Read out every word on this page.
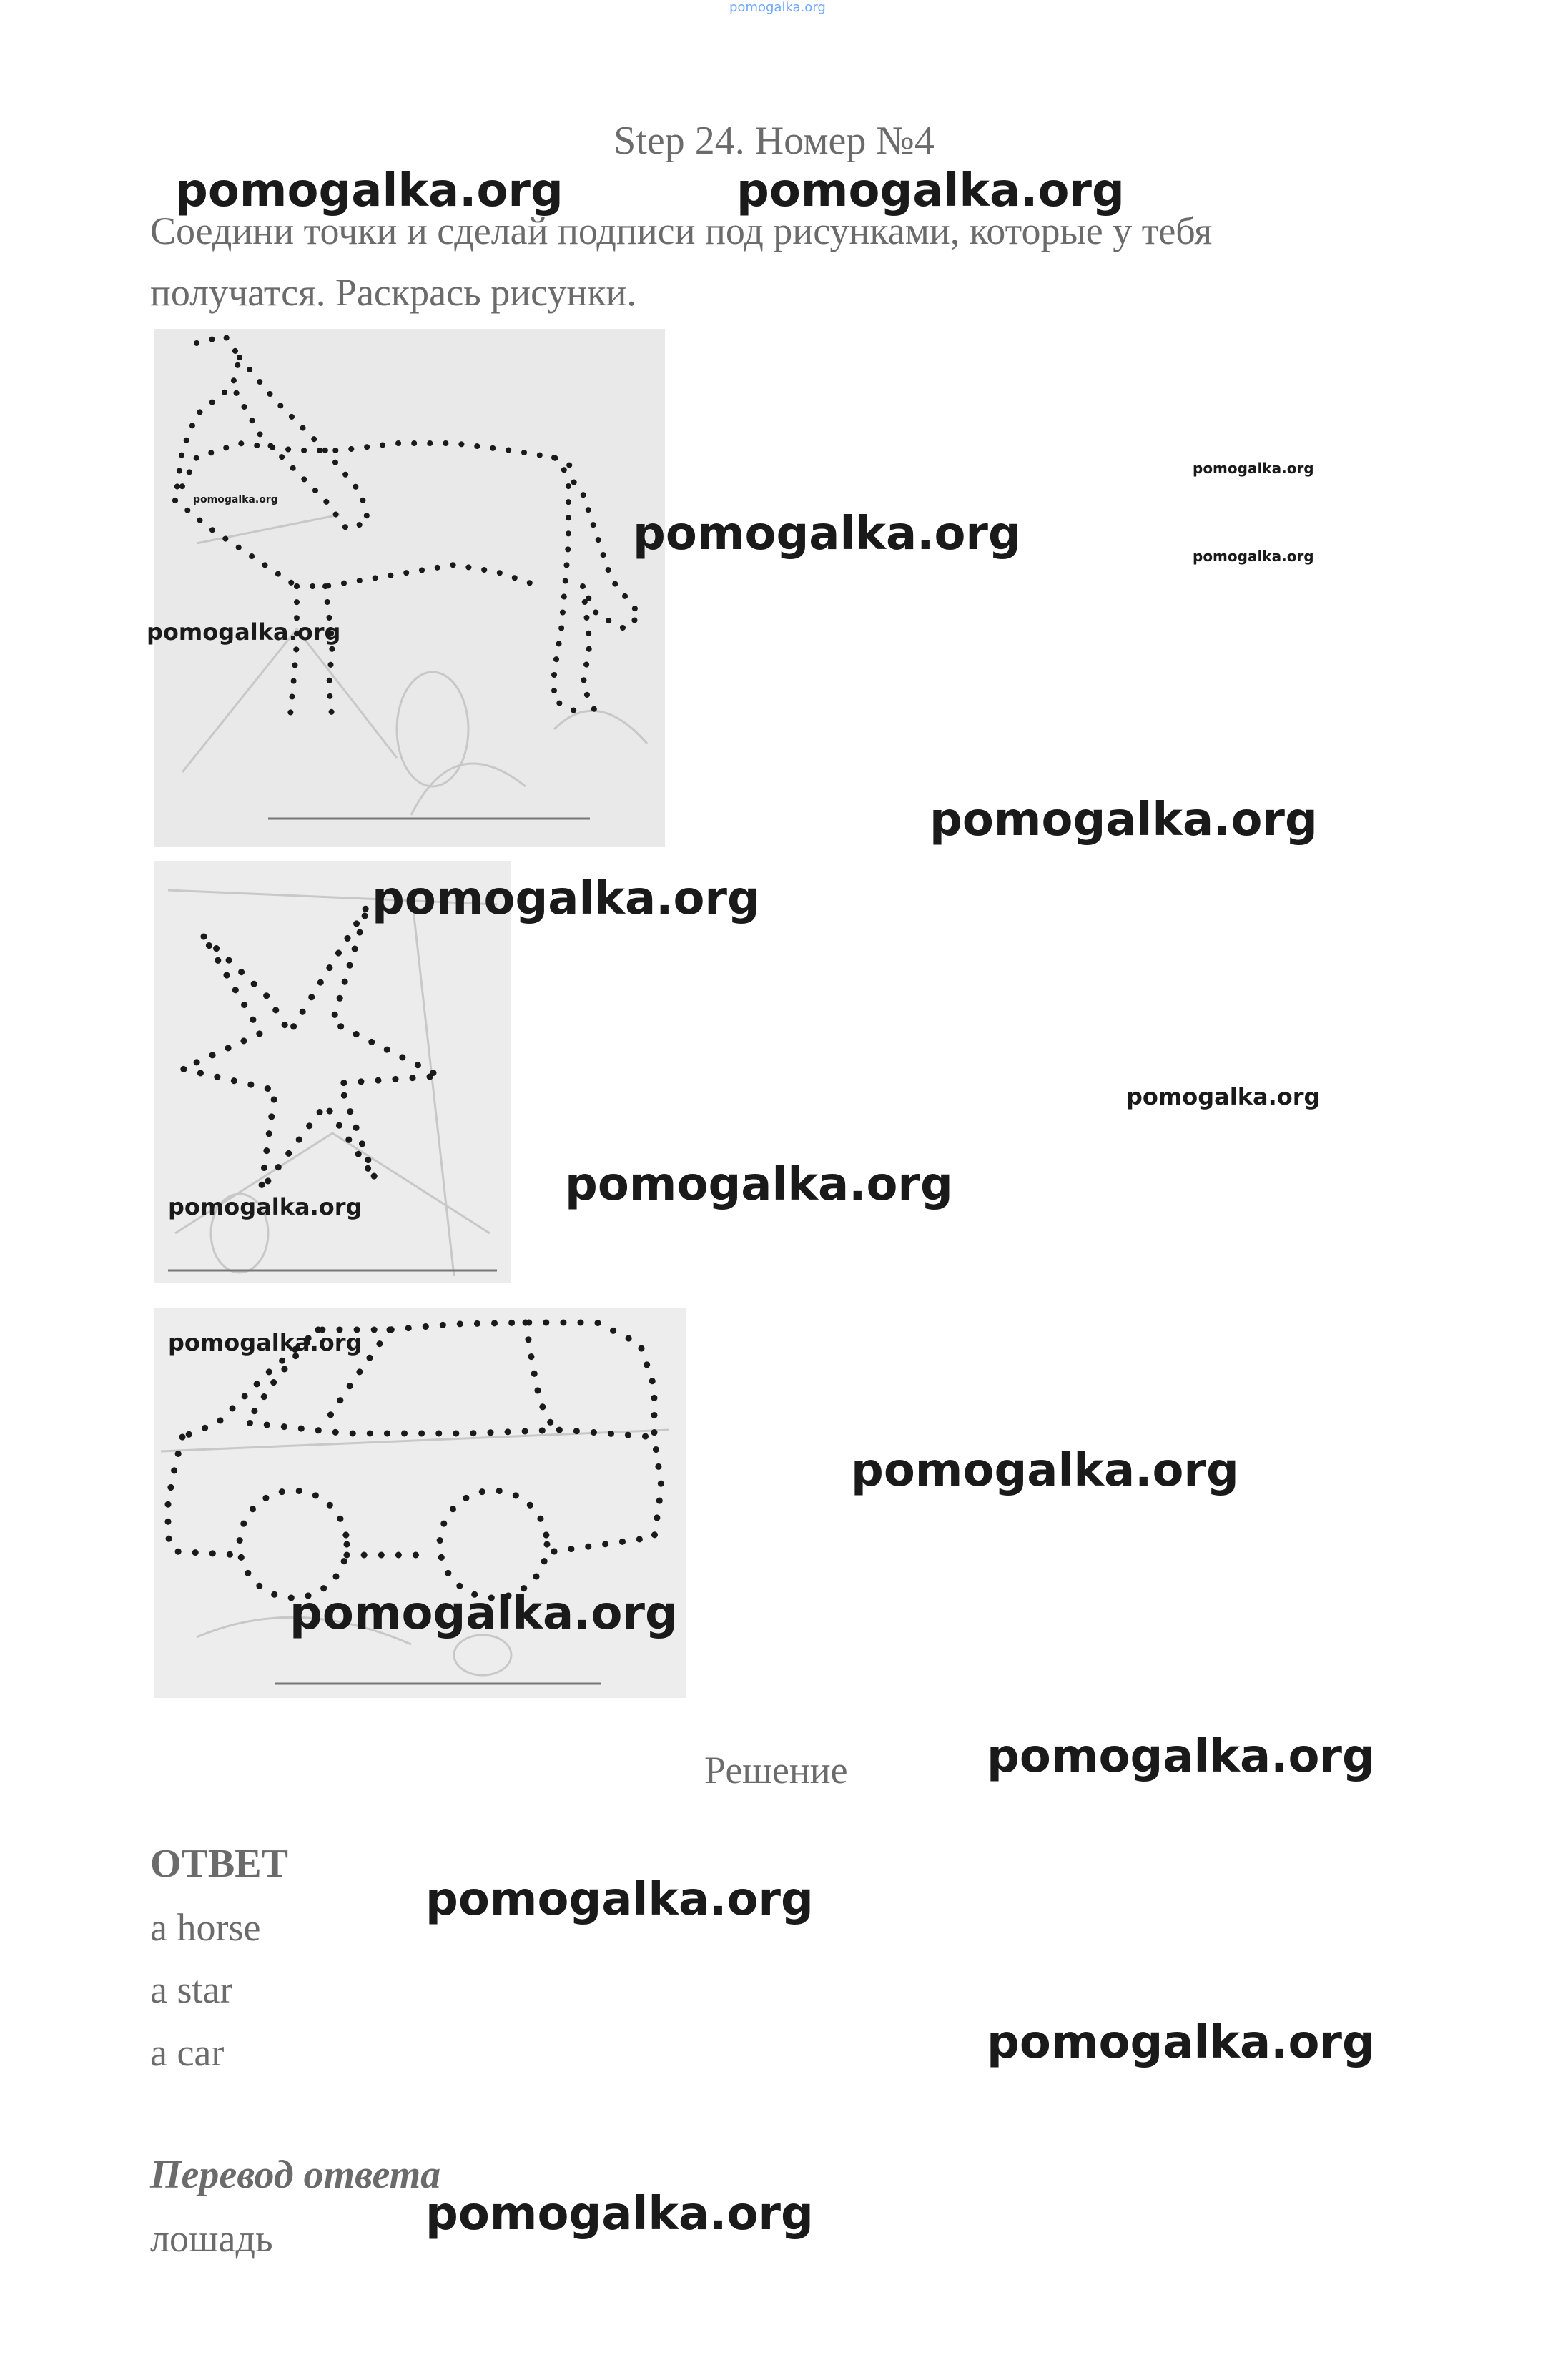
pomogalka.org
Step 24. Номер №4
Соедини точки и сделай подписи под рисунками, которые у тебя получатся. Раскрась рисунки.
Решение
ОТВЕТ
a horse
a star
a car
Перевод ответа
лошадь
pomogalka.org	pomogalka.org
pomogalka.org
pomogalka.org
pomogalka.org
pomogalka.org
pomogalka.org
pomogalka.org
pomogalka.org
pomogalka.org
pomogalka.org
pomogalka.org
pomogalka.org
pomogalka.org
pomogalka.org
pomogalka.org
pomogalka.org
pomogalka.org
pomogalka.org
